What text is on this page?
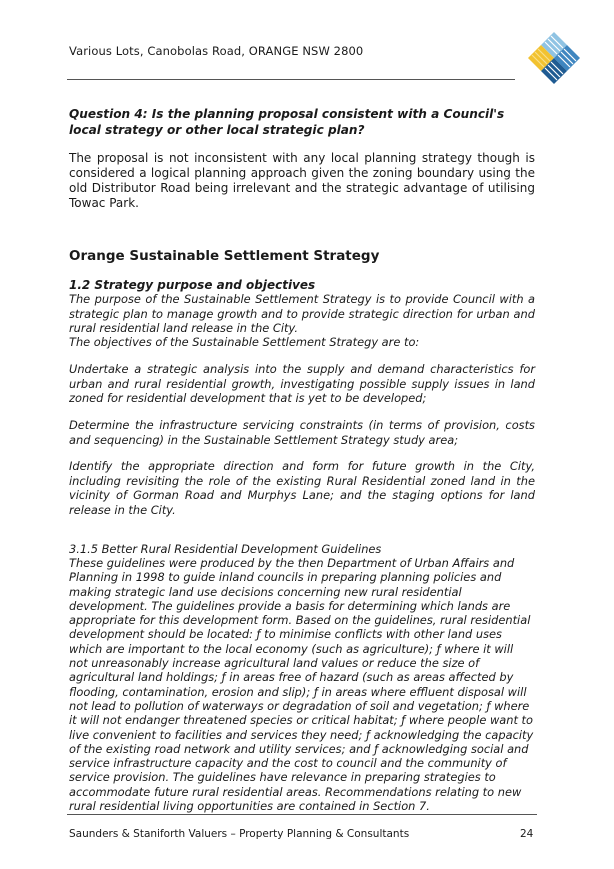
Various Lots, Canobolas Road, ORANGE NSW 2800
Question 4: Is the planning proposal consistent with a Council's local strategy or other local strategic plan?
The proposal is not inconsistent with any local planning strategy though is considered a logical planning approach given the zoning boundary using the old Distributor Road being irrelevant and the strategic advantage of utilising Towac Park.
Orange Sustainable Settlement Strategy
1.2 Strategy purpose and objectives

The purpose of the Sustainable Settlement Strategy is to provide Council with a strategic plan to manage growth and to provide strategic direction for urban and rural residential land release in the City.

The objectives of the Sustainable Settlement Strategy are to:

Undertake a strategic analysis into the supply and demand characteristics for urban and rural residential growth, investigating possible supply issues in land zoned for residential development that is yet to be developed;

Determine the infrastructure servicing constraints (in terms of provision, costs and sequencing) in the Sustainable Settlement Strategy study area;

Identify the appropriate direction and form for future growth in the City, including revisiting the role of the existing Rural Residential zoned land in the vicinity of Gorman Road and Murphys Lane; and the staging options for land release in the City.

3.1.5 Better Rural Residential Development Guidelines

These guidelines were produced by the then Department of Urban Affairs and Planning in 1998 to guide inland councils in preparing planning policies and making strategic land use decisions concerning new rural residential development. The guidelines provide a basis for determining which lands are appropriate for this development form. Based on the guidelines, rural residential development should be located: ƒ to minimise conflicts with other land uses which are important to the local economy (such as agriculture); ƒ where it will not unreasonably increase agricultural land values or reduce the size of agricultural land holdings; ƒ in areas free of hazard (such as areas affected by flooding, contamination, erosion and slip); ƒ in areas where effluent disposal will not lead to pollution of waterways or degradation of soil and vegetation; ƒ where it will not endanger threatened species or critical habitat; ƒ where people want to live convenient to facilities and services they need; ƒ acknowledging the capacity of the existing road network and utility services; and ƒ acknowledging social and service infrastructure capacity and the cost to council and the community of service provision. The guidelines have relevance in preparing strategies to accommodate future rural residential areas. Recommendations relating to new rural residential living opportunities are contained in Section 7.

Saunders & Staniforth Valuers – Property Planning & Consultants	24
